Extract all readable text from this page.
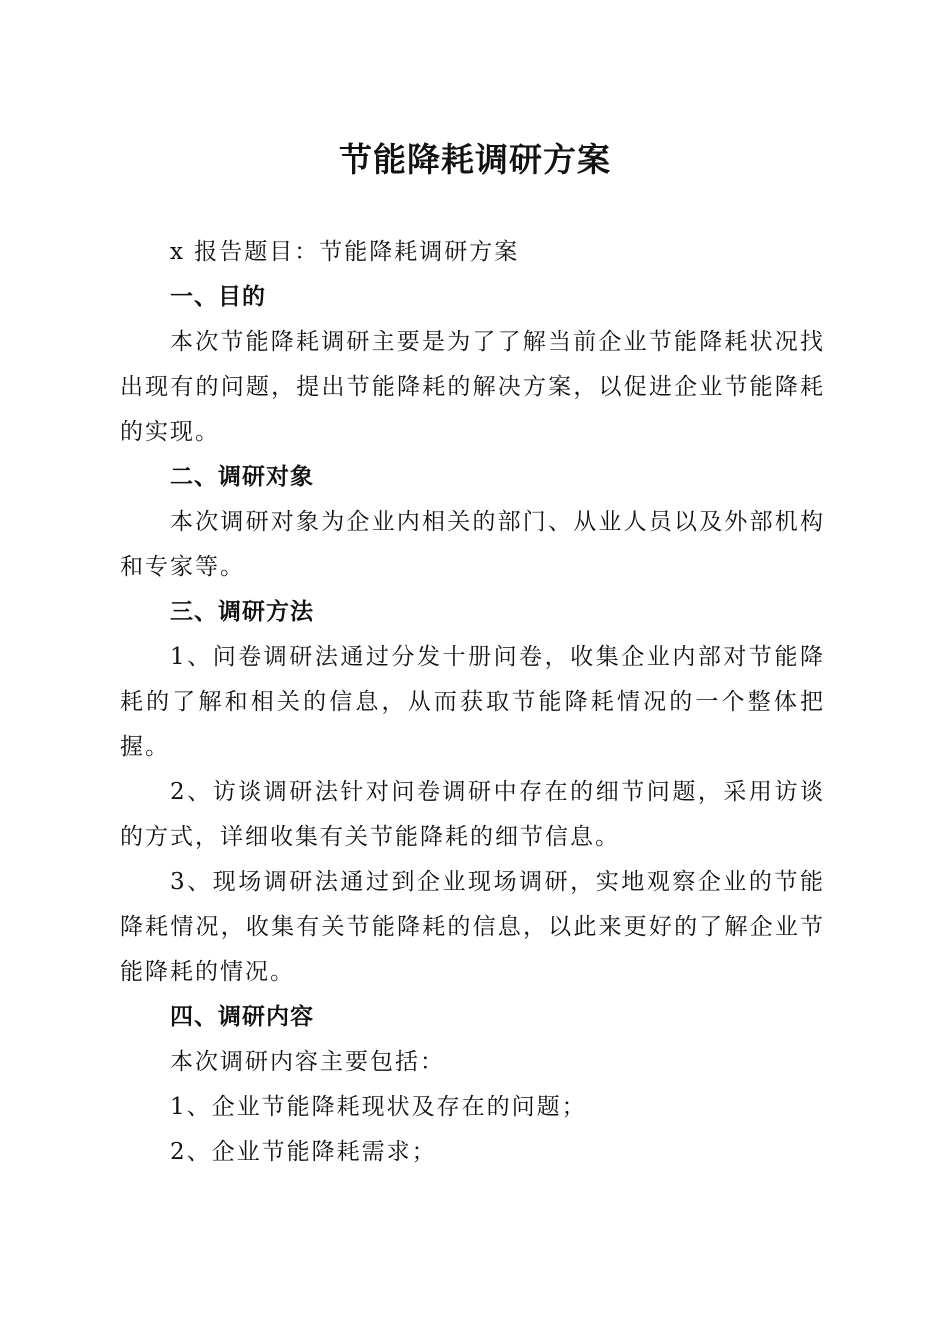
节能降耗调研方案

x 报告题目：节能降耗调研方案

一、目的

本次节能降耗调研主要是为了了解当前企业节能降耗状况找出现有的问题，提出节能降耗的解决方案，以促进企业节能降耗的实现。

二、调研对象

本次调研对象为企业内相关的部门、从业人员以及外部机构和专家等。

三、调研方法

1、问卷调研法通过分发十册问卷，收集企业内部对节能降耗的了解和相关的信息，从而获取节能降耗情况的一个整体把握。

2、访谈调研法针对问卷调研中存在的细节问题，采用访谈的方式，详细收集有关节能降耗的细节信息。

3、现场调研法通过到企业现场调研，实地观察企业的节能降耗情况，收集有关节能降耗的信息，以此来更好的了解企业节能降耗的情况。

四、调研内容

本次调研内容主要包括：

1、企业节能降耗现状及存在的问题；

2、企业节能降耗需求；
